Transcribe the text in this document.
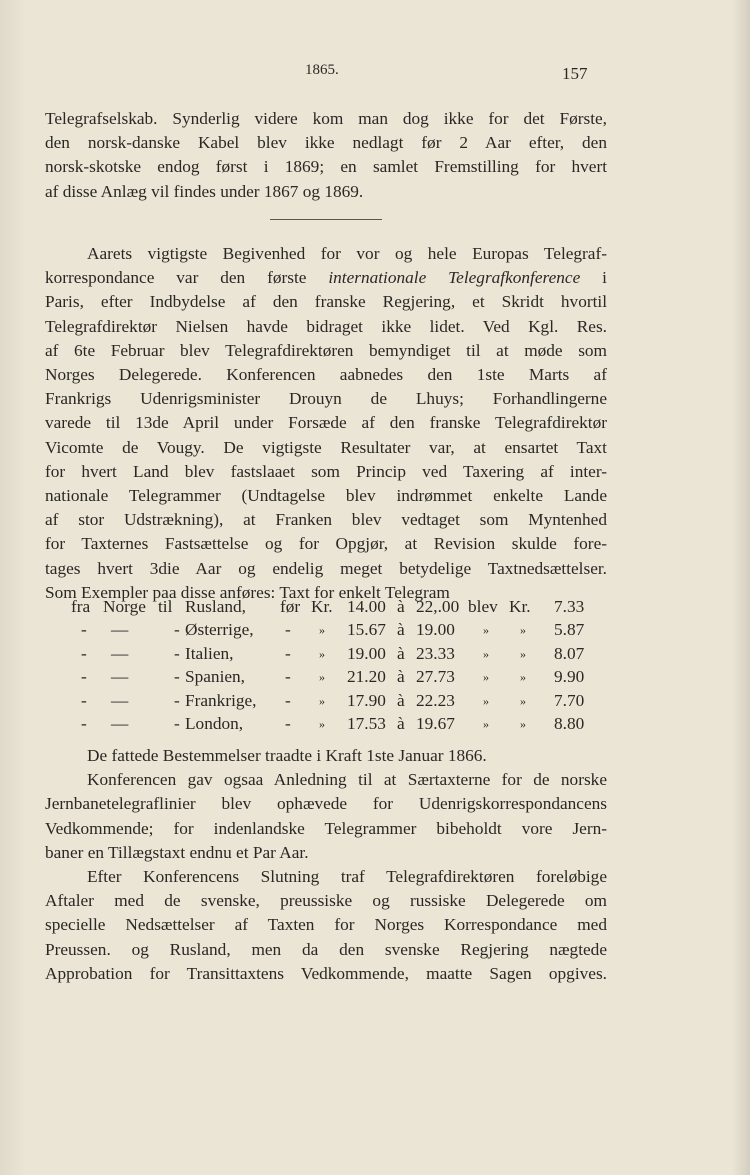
1865.	157

Telegrafselskab. Synderlig videre kom man dog ikke for det Første,

den norsk-danske Kabel blev ikke nedlagt før 2 Aar efter, den

norsk-skotske endog først i 1869; en samlet Fremstilling for hvert

af disse Anlæg vil findes under 1867 og 1869.

Aarets vigtigste Begivenhed for vor og hele Europas Telegraf-

korrespondance var den første internationale Telegrafkonference i

Paris, efter Indbydelse af den franske Regjering, et Skridt hvortil

Telegrafdirektør Nielsen havde bidraget ikke lidet. Ved Kgl. Res.

af 6te Februar blev Telegrafdirektøren bemyndiget til at møde som

Norges Delegerede. Konferencen aabnedes den 1ste Marts af

Frankrigs Udenrigsminister Drouyn de Lhuys; Forhandlingerne

varede til 13de April under Forsæde af den franske Telegrafdirektør

Vicomte de Vougy. De vigtigste Resultater var, at ensartet Taxt

for hvert Land blev fastslaaet som Princip ved Taxering af inter-

nationale Telegrammer (Undtagelse blev indrømmet enkelte Lande

af stor Udstrækning), at Franken blev vedtaget som Myntenhed

for Taxternes Fastsættelse og for Opgjør, at Revision skulde fore-

tages hvert 3die Aar og endelig meget betydelige Taxtnedsættelser.

Som Exempler paa disse anføres: Taxt for enkelt Telegram

fra Norge til Rusland, før Kr. 14.00 à 22,.00 blev Kr. 7.33
- —	- Østerrige, - » 15.67 à 19.00 »	» 5.87
- —	- Italien,	- » 19.00 à 23.33 »	» 8.07
- —	- Spanien, - » 21.20 à 27.73 »	» 9.90
- —	- Frankrige, - » 17.90 à 22.23 »	» 7.70
- —	- London, - » 17.53 à 19.67 »	» 8.80

De fattede Bestemmelser traadte i Kraft 1ste Januar 1866.

Konferencen gav ogsaa Anledning til at Særtaxterne for de norske

Jernbanetelegraflinier blev ophævede for Udenrigskorrespondancens

Vedkommende; for indenlandske Telegrammer bibeholdt vore Jern-

baner en Tillægstaxt endnu et Par Aar.

Efter Konferencens Slutning traf Telegrafdirektøren foreløbige

Aftaler med de svenske, preussiske og russiske Delegerede om

specielle Nedsættelser af Taxten for Norges Korrespondance med

Preussen. og Rusland, men da den svenske Regjering nægtede

Approbation for Transittaxtens Vedkommende, maatte Sagen opgives.
